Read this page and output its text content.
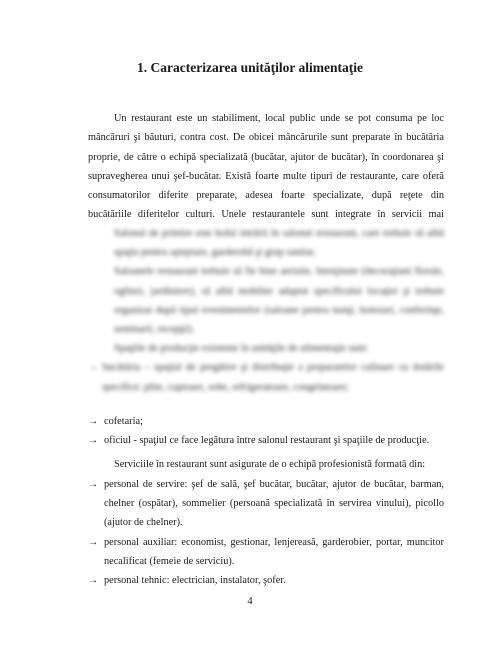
1. Caracterizarea unităţilor alimentaţie
Un restaurant este un stabiliment, local public unde se pot consuma pe loc mâncăruri şi băuturi, contra cost. De obicei mâncărurile sunt preparate în bucătăria proprie, de către o echipă specializată (bucătar, ajutor de bucătar), în coordonarea şi supravegherea unui şef-bucătar. Există foarte multe tipuri de restaurante, care oferă consumatorilor diferite preparate, adesea foarte specializate, după reţete din bucătăriile diferitelor culturi. Unele restaurantele sunt integrate în servicii mai
Salonul de primire este holul intrării în salonul restaurant, care trebuie să aibă spaţiu pentru aşteptare, garderobă şi grup sanitar.
Saloanele restaurant trebuie să fie bine aerisite, întreţinute (decoraţiuni florale, oglinzi, jardiniere), să aibă mobilier adaptat specificului locaţiei şi trebuie organizat după tipul evenimentelor (saloane pentru nunţi, botezuri, conferinţe, seminarii, recepţii).
Spaţiile de producţie existente în unităţile de alimentaţie sunt:
→ bucătăria – spaţiul de pregătire şi distribuţie a preparatelor culinare cu dotările specifice: plite, cuptoare, sobe, refrigeratoare, congelatoare;
→ cofetaria;
→ oficiul - spaţiul ce face legătura între salonul restaurant şi spaţiile de producţie.
Serviciile în restaurant sunt asigurate de o echipă profesionistă formată din:
→ personal de servire: şef de sală, şef bucătar, bucătar, ajutor de bucătar, barman, chelner (ospătar), sommelier (persoană specializată în servirea vinului), picollo (ajutor de chelner).
→ personal auxiliar: economist, gestionar, lenjereasă, garderobier, portar, muncitor necalificat (femeie de serviciu).
→ personal tehnic: electrician, instalator, şofer.
4
